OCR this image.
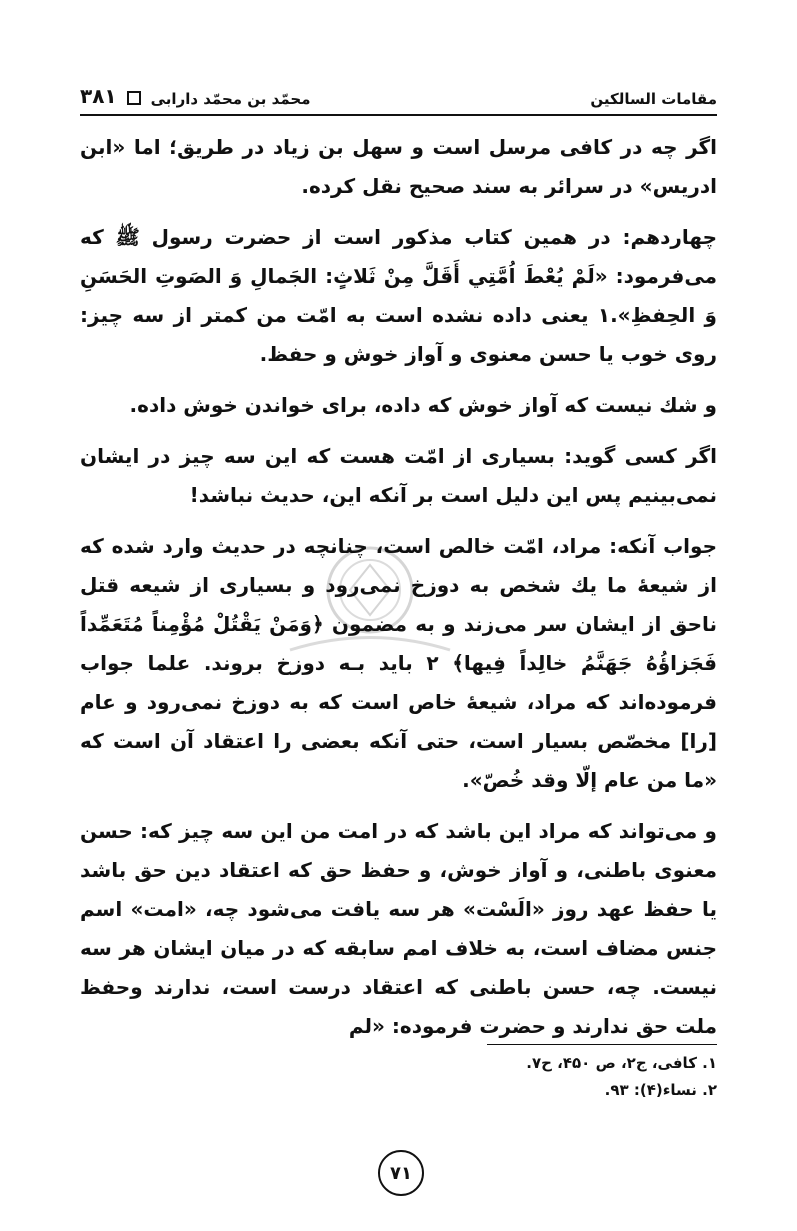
محمّد بن محمّد دارابی
۳۸۱	مقامات السالکین

اگر چه در کافی مرسل است و سهل بن زیاد در طریق؛ اما «ابن ادریس» در سرائر به سند صحیح نقل کرده.

چهاردهم: در همین کتاب مذکور است از حضرت رسول ﷺ که می‌فرمود: «لَمْ یُعْطَ اُمَّتِي أَقَلَّ مِنْ ثَلاثٍ: الجَمالِ وَ الصَوتِ الحَسَنِ وَ الحِفظِ».۱ یعنی داده نشده است به امّت من کمتر از سه چیز: روی خوب یا حسن معنوی و آواز خوش و حفظ.

و شك نیست که آواز خوش که داده، برای خواندن خوش داده.

اگر کسی گوید: بسیاری از امّت هست که این سه چیز در ایشان نمی‌بینیم پس این دلیل است بر آنکه این، حدیث نباشد!

جواب آنکه: مراد، امّت خالص است، چنانچه در حدیث وارد شده که از شیعهٔ ما یك شخص به دوزخ نمی‌رود و بسیاری از شیعه قتل ناحق از ایشان سر می‌زند و به مضمون ﴿وَمَنْ يَقْتُلْ مُؤْمِناً مُتَعَمِّداً فَجَزاؤُهُ جَهَنَّمُ خالِداً فِيها﴾ ۲ باید بـه دوزخ بروند. علما جواب فرموده‌اند که مراد، شیعهٔ خاص است که به دوزخ نمی‌رود و عام [را] مخصّص بسیار است، حتی آنکه بعضی را اعتقاد آن است که «ما من عام إلّا وقد خُصّ».

و می‌تواند که مراد این باشد که در امت من این سه چیز که: حسن معنوی باطنی، و آواز خوش، و حفظ حق که اعتقاد دین حق باشد یا حفظ عهد روز «الَسْت» هر سه یافت می‌شود چه، «امت» اسم جنس مضاف است، به خلاف امم سابقه که در میان ایشان هر سه نیست. چه، حسن باطنی که اعتقاد درست است، ندارند وحفظ ملت حق ندارند و حضرت فرموده: «لم

۱. کافی، ج۲، ص ۴۵۰، ح۷.
۲. نساء(۴): ۹۳.
۷۱
